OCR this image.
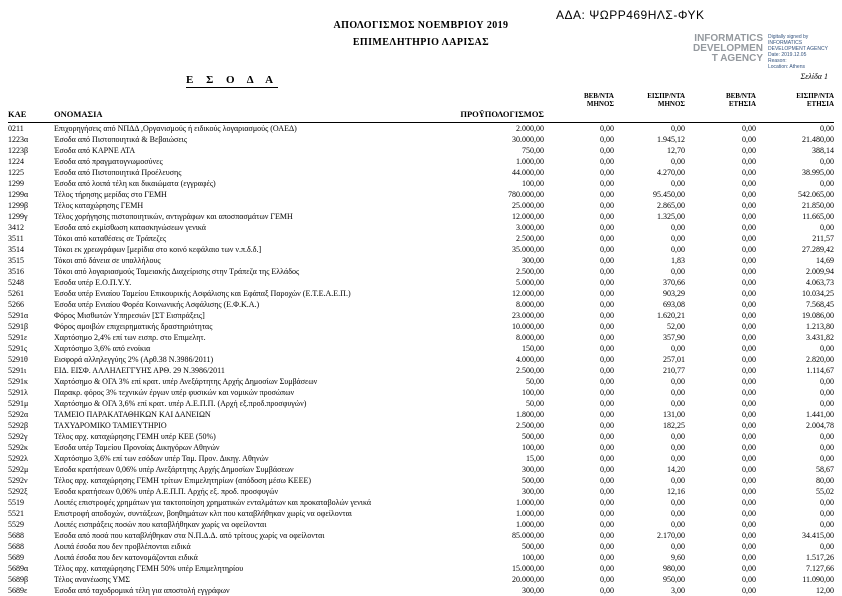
ΑΔΑ: ΨΩΡΡ469ΗΛΣ-ΦΥΚ
ΑΠΟΛΟΓΙΣΜΟΣ ΝΟΕΜΒΡΙΟΥ 2019
ΕΠΙΜΕΛΗΤΗΡΙΟ ΛΑΡΙΣΑΣ	INFORMATICS
DEVELOPMEN
T AGENCY
Digitally signed by
INFORMATICS
DEVELOPMENT AGENCY
Date: 2019.12.05
Reason:
Location: Athens
Σελίδα 1
Ε Σ Ο Δ Α
ΒΕΒ/ΝΤΑ	ΕΙΣΠΡ/ΝΤΑ	ΒΕΒ/ΝΤΑ	ΕΙΣΠΡ/ΝΤΑ
ΜΗΝΟΣ	ΜΗΝΟΣ	ΕΤΗΣΙΑ	ΕΤΗΣΙΑ
ΚΑΕ	ΟΝΟΜΑΣΙΑ	ΠΡΟΫΠΟΛΟΓΙΣΜΟΣ
0211	Επιχορηγήσεις από ΝΠΔΔ ,Οργανισμούς ή ειδικούς λογαριασμούς (ΟΑΕΔ)	2.000,00	0,00	0,00	0,00	0,00
1223α	Έσοδα από Πιστοποιητικά & Βεβαιώσεις	30.000,00	0,00	1.945,12	0,00	21.480,00
1223β	Έσοδα από ΚΑΡΝΕ ΑΤΑ	750,00	0,00	12,70	0,00	388,14
1224	Έσοδα από πραγματογνωμοσύνες	1.000,00	0,00	0,00	0,00	0,00
1225	Έσοδα από Πιστοποιητικά Προέλευσης	44.000,00	0,00	4.270,00	0,00	38.995,00
1299	Έσοδα από λοιπά τέλη και δικαιώματα (εγγραφές)	100,00	0,00	0,00	0,00	0,00
1299α	Τέλος τήρησης μερίδας στο ΓΕΜΗ	780.000,00	0,00	95.450,00	0,00	542.065,00
1299β	Τέλος καταχώρησης ΓΕΜΗ	25.000,00	0,00	2.865,00	0,00	21.850,00
1299γ	Τέλος χορήγησης πιστοποιητικών, αντιγράφων και αποσπασμάτων ΓΕΜΗ	12.000,00	0,00	1.325,00	0,00	11.665,00
3412	Έσοδα από εκμίσθωση κατασκηνώσεων γενικά	3.000,00	0,00	0,00	0,00	0,00
3511	Τόκοι από καταθέσεις σε Τράπεζες	2.500,00	0,00	0,00	0,00	211,57
3514	Τόκοι εκ χρεωγράφων [μερίδια στο κοινό κεφάλαιο των ν.π.δ.δ.]	35.000,00	0,00	0,00	0,00	27.289,42
3515	Τόκοι από δάνεια σε υπαλλήλους	300,00	0,00	1,83	0,00	14,69
3516	Τόκοι από λογαριασμούς Ταμειακής Διαχείρισης στην Τράπεζα της Ελλάδος	2.500,00	0,00	0,00	0,00	2.009,94
5248	Έσοδα υπέρ Ε.Ο.Π.Υ.Υ.	5.000,00	0,00	370,66	0,00	4.063,73
5261	Έσοδα υπέρ Ενιαίου Ταμείου Επικουρικής Ασφάλισης και Εφάπαξ Παροχών (Ε.Τ.Ε.Α.Ε.Π.)	12.000,00	0,00	903,29	0,00	10.034,25
5266	Έσοδα υπέρ Ενιαίου Φορέα Κοινωνικής Ασφάλισης (Ε.Φ.Κ.Α.)	8.000,00	0,00	693,08	0,00	7.568,45
5291α	Φόρος Μισθωτών Υπηρεσιών [ΣΤ Εισπράξεις]	23.000,00	0,00	1.620,21	0,00	19.086,00
5291β	Φόρος αμοιβών επιχειρηματικής δραστηριότητας	10.000,00	0,00	52,00	0,00	1.213,80
5291ε	Χαρτόσημο 2,4% επί των εισπρ. στο Επιμελητ.	8.000,00	0,00	357,90	0,00	3.431,82
5291ς	Χαρτόσημο 3,6% από ενοίκια	150,00	0,00	0,00	0,00	0,00
5291θ	Εισφορά αλληλεγγύης 2% (Αρθ.38 Ν.3986/2011)	4.000,00	0,00	257,01	0,00	2.820,00
5291ι	ΕΙΔ. ΕΙΣΦ. ΑΛΛΗΛΕΓΓΥΗΣ ΑΡΘ. 29 Ν.3986/2011	2.500,00	0,00	210,77	0,00	1.114,67
5291κ	Χαρτόσημο & ΟΓΑ 3% επί κρατ. υπέρ Ανεξάρτητης Αρχής Δημοσίων Συμβάσεων	50,00	0,00	0,00	0,00	0,00
5291λ	Παρακρ. φόρος 3% τεχνικών έργων υπέρ φυσικών και νομικών προσώπων	100,00	0,00	0,00	0,00	0,00
5291μ	Χαρτόσημο & ΟΓΑ 3,6% επί κρατ. υπέρ Α.Ε.Π.Π. (Αρχή εξ.προδ.προσφυγών)	50,00	0,00	0,00	0,00	0,00
5292α	ΤΑΜΕΙΟ ΠΑΡΑΚΑΤΑΘΗΚΩΝ ΚΑΙ ΔΑΝΕΙΩΝ	1.800,00	0,00	131,00	0,00	1.441,00
5292β	ΤΑΧΥΔΡΟΜΙΚΟ ΤΑΜΙΕΥΤΗΡΙΟ	2.500,00	0,00	182,25	0,00	2.004,78
5292γ	Τέλος αρχ. καταχώρησης ΓΕΜΗ υπέρ ΚΕΕ (50%)	500,00	0,00	0,00	0,00	0,00
5292κ	Έσοδα υπέρ Ταμείου Προνοίας Δικηγόρων Αθηνών	100,00	0,00	0,00	0,00	0,00
5292λ	Χαρτόσημο 3,6% επί των εσόδων υπέρ Ταμ. Προν. Δικηγ. Αθηνών	15,00	0,00	0,00	0,00	0,00
5292μ	Έσοδα κρατήσεων 0,06% υπέρ Ανεξάρτητης Αρχής Δημοσίων Συμβάσεων	300,00	0,00	14,20	0,00	58,67
5292ν	Τέλος αρχ. καταχώρησης ΓΕΜΗ τρίτων Επιμελητηρίων (απόδοση μέσω ΚΕΕΕ)	500,00	0,00	0,00	0,00	80,00
5292ξ	Έσοδα κρατήσεων 0,06% υπέρ Α.Ε.Π.Π. Αρχής εξ. προδ. προσφυγών	300,00	0,00	12,16	0,00	55,02
5519	Λοιπές επιστροφές χρημάτων για τακτοποίηση χρηματικών ενταλμάτων και προκαταβολών γενικά	1.000,00	0,00	0,00	0,00	0,00
5521	Επιστροφή αποδοχών, συντάξεων, βοηθημάτων κλπ που καταβλήθηκαν χωρίς να οφείλονται	1.000,00	0,00	0,00	0,00	0,00
5529	Λοιπές εισπράξεις ποσών που καταβλήθηκαν χωρίς να οφείλονται	1.000,00	0,00	0,00	0,00	0,00
5688	Έσοδα από ποσά που καταβλήθηκαν στα Ν.Π.Δ.Δ. από τρίτους χωρίς να οφείλονται	85.000,00	0,00	2.170,00	0,00	34.415,00
5688	Λοιπά έσοδα που δεν προβλέπονται ειδικά	500,00	0,00	0,00	0,00	0,00
5689	Λοιπά έσοδα που δεν κατονομάζονται ειδικά	100,00	0,00	9,60	0,00	1.517,26
5689α	Τέλος αρχ. καταχώρησης ΓΕΜΗ 50% υπέρ Επιμελητηρίου	15.000,00	0,00	980,00	0,00	7.127,66
5689β	Τέλος ανανέωσης ΥΜΣ	20.000,00	0,00	950,00	0,00	11.090,00
5689ε	Έσοδα από ταχυδρομικά τέλη για αποστολή εγγράφων	300,00	0,00	3,00	0,00	12,00
